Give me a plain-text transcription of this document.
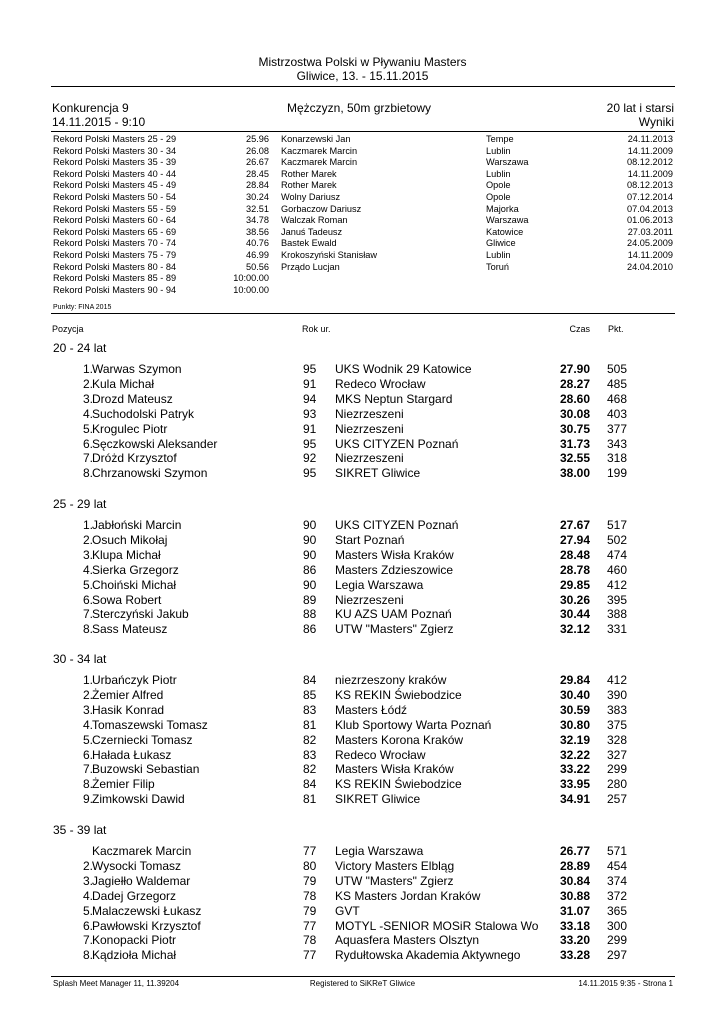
Mistrzostwa Polski w Pływaniu Masters
Gliwice, 13. - 15.11.2015
Konkurencja 9
14.11.2015 - 9:10
Mężczyzn, 50m grzbietowy	20 lat i starsi
Wyniki
Rekord Polski Masters 25 - 29	25.96 Konarzewski Jan	Tempe	24.11.2013
Rekord Polski Masters 30 - 34	26.08 Kaczmarek Marcin	Lublin	14.11.2009
Rekord Polski Masters 35 - 39	26.67 Kaczmarek Marcin	Warszawa	08.12.2012
Rekord Polski Masters 40 - 44	28.45 Rother Marek	Lublin	14.11.2009
Rekord Polski Masters 45 - 49	28.84 Rother Marek	Opole	08.12.2013
Rekord Polski Masters 50 - 54	30.24 Wolny Dariusz	Opole	07.12.2014
Rekord Polski Masters 55 - 59	32.51 Gorbaczow Dariusz	Majorka	07.04.2013
Rekord Polski Masters 60 - 64	34.78 Walczak Roman	Warszawa	01.06.2013
Rekord Polski Masters 65 - 69	38.56 Januś Tadeusz	Katowice	27.03.2011
Rekord Polski Masters 70 - 74	40.76 Bastek Ewald	Gliwice	24.05.2009
Rekord Polski Masters 75 - 79	46.99 Krokoszyński Stanisław	Lublin	14.11.2009
Rekord Polski Masters 80 - 84	50.56 Prządo Lucjan	Toruń	24.04.2010
Rekord Polski Masters 85 - 89	10:00.00
Rekord Polski Masters 90 - 94	10:00.00
Punkty: FINA 2015
Pozycja	Rok ur.	Czas Pkt.
20 - 24 lat
1. Warwas Szymon	95 UKS Wodnik 29 Katowice	27.90 505
2. Kula Michał	91 Redeco Wrocław	28.27 485
3. Drozd Mateusz	94 MKS Neptun Stargard	28.60 468
4. Suchodolski Patryk	93 Niezrzeszeni	30.08 403
5. Krogulec Piotr	91 Niezrzeszeni	30.75 377
6. Sęczkowski Aleksander	95 UKS CITYZEN Poznań	31.73 343
7. Dróżd Krzysztof	92 Niezrzeszeni	32.55 318
8. Chrzanowski Szymon	95 SIKRET Gliwice	38.00 199
25 - 29 lat
1. Jabłoński Marcin	90 UKS CITYZEN Poznań	27.67 517
2. Osuch Mikołaj	90 Start Poznań	27.94 502
3. Klupa Michał	90 Masters Wisła Kraków	28.48 474
4. Sierka Grzegorz	86 Masters Zdzieszowice	28.78 460
5. Choiński Michał	90 Legia Warszawa	29.85 412
6. Sowa Robert	89 Niezrzeszeni	30.26 395
7. Sterczyński Jakub	88 KU AZS UAM Poznań	30.44 388
8. Sass Mateusz	86 UTW "Masters" Zgierz	32.12 331
30 - 34 lat
1. Urbańczyk Piotr	84 niezrzeszony kraków	29.84 412
2. Żemier Alfred	85 KS REKIN Świebodzice	30.40 390
3. Hasik Konrad	83 Masters Łódź	30.59 383
4. Tomaszewski Tomasz	81 Klub Sportowy Warta Poznań	30.80 375
5. Czerniecki Tomasz	82 Masters Korona Kraków	32.19 328
6. Hałada Łukasz	83 Redeco Wrocław	32.22 327
7. Buzowski Sebastian	82 Masters Wisła Kraków	33.22 299
8. Żemier Filip	84 KS REKIN Świebodzice	33.95 280
9. Zimkowski Dawid	81 SIKRET Gliwice	34.91 257
35 - 39 lat
Kaczmarek Marcin	77 Legia Warszawa	26.77 571
2. Wysocki Tomasz	80 Victory Masters Elbląg	28.89 454
3. Jagiełło Waldemar	79 UTW "Masters" Zgierz	30.84 374
4. Dadej Grzegorz	78 KS Masters Jordan Kraków	30.88 372
5. Malaczewski Łukasz	79 GVT	31.07 365
6. Pawłowski Krzysztof	77 MOTYL -SENIOR MOSiR Stalowa Wo 33.18 300
7. Konopacki Piotr	78 Aquasfera Masters Olsztyn	33.20 299
8. Kądzioła Michał	77 Rydułtowska Akademia Aktywnego	33.28 297
Splash Meet Manager 11, 11.39204	Registered to SiKReT Gliwice	14.11.2015 9:35 - Strona 1
